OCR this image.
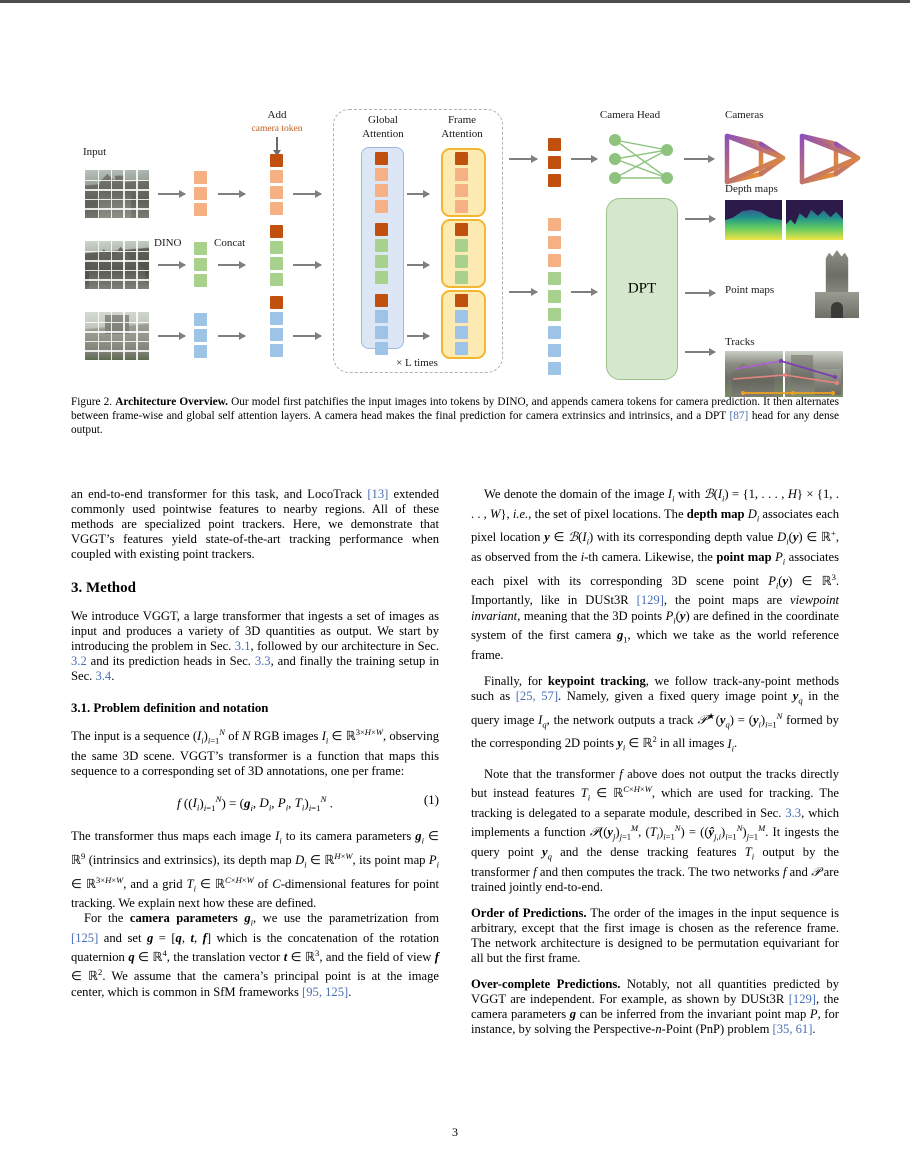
Input
DINO	Concat
Add
camera token
Global
Attention
Frame
Attention
× L times
Camera Head	Cameras
DPT
Depth maps
Point maps
Tracks
Figure 2. Architecture Overview. Our model first patchifies the input images into tokens by DINO, and appends camera tokens for camera prediction. It then alternates between frame-wise and global self attention layers. A camera head makes the final prediction for camera extrinsics and intrinsics, and a DPT [87] head for any dense output.

an end-to-end transformer for this task, and LocoTrack [13] extended commonly used pointwise features to nearby regions. All of these methods are specialized point trackers. Here, we demonstrate that VGGT’s features yield state-of-the-art tracking performance when coupled with existing point trackers.

3. Method

We introduce VGGT, a large transformer that ingests a set of images as input and produces a variety of 3D quantities as output. We start by introducing the problem in Sec. 3.1, followed by our architecture in Sec. 3.2 and its prediction heads in Sec. 3.3, and finally the training setup in Sec. 3.4.

3.1. Problem definition and notation

The input is a sequence $(I_i)_{i=1}^N$ of N RGB images $I_i$ ∈ ℝ$^{3\times H\times W}$, observing the same 3D scene. VGGT’s transformer is a function that maps this sequence to a corresponding set of 3D annotations, one per frame:

f $((I_i)_{i=1}^N) = (g_i$, $D_i$, $P_i$, $T_i)_{i=1}^N$ .	(1)

The transformer thus maps each image $I_i$ to its camera parameters $g_i$ ∈ ℝ$^9$ (intrinsics and extrinsics), its depth map $D_i$ ∈ ℝ$^{H\times W}$, its point map $P_i$ ∈ ℝ$^{3\times H\times W}$, and a grid $T_i$ ∈ ℝ$^{C\times H\times W}$ of C-dimensional features for point tracking. We explain next how these are defined.

For the camera parameters $g_i$, we use the parametrization from [125] and set g = [q, t, f] which is the concatenation of the rotation quaternion q ∈ ℝ$^4$, the translation vector t ∈ ℝ$^3$, and the field of view f ∈ ℝ$^2$. We assume that the camera’s principal point is at the image center, which is common in SfM frameworks [95, 125].

We denote the domain of the image $I_i$ with $ℬ(I_i) = \{1$, . . . , H} × {1, . . . , W}, i.e., the set of pixel locations. The depth map $D_i$ associates each pixel location y ∈ $ℬ(I_i)$ with its corresponding depth value $D_i(y)$ ∈ ℝ+, as observed from the i-th camera. Likewise, the point map $P_i$ associates each pixel with its corresponding 3D scene point $P_i(y)$ ∈ ℝ$^3$. Importantly, like in DUSt3R [129], the point maps are viewpoint invariant, meaning that the 3D points $P_i(y)$ are defined in the coordinate system of the first camera $g_1$, which we take as the world reference frame.

Finally, for keypoint tracking, we follow track-any-point methods such as [25, 57]. Namely, given a fixed query image point $y_q$ in the query image $I_q$, the network outputs a track $𝒫^★(y_q) = (y_i)_{i=1}^N$ formed by the corresponding 2D points $y_i$ ∈ ℝ$^2$ in all images $I_i$.

Note that the transformer f above does not output the tracks directly but instead features $T_i$ ∈ ℝ$^{C\times H\times W}$, which are used for tracking. The tracking is delegated to a separate module, described in Sec. 3.3, which implements a function $𝒫((y_j)_{j=1}^M$, $(T_i)_{i=1}^N$) = $((ŷ_{j,i})_{i=1}^N)_{j=1}^M$. It ingests the query point $y_q$ and the dense tracking features $T_i$ output by the transformer f and then computes the track. The two networks f and 𝒫 are trained jointly end-to-end.

Order of Predictions. The order of the images in the input sequence is arbitrary, except that the first image is chosen as the reference frame. The network architecture is designed to be permutation equivariant for all but the first frame.

Over-complete Predictions. Notably, not all quantities predicted by VGGT are independent. For example, as shown by DUSt3R [129], the camera parameters g can be inferred from the invariant point map P, for instance, by solving the Perspective-n-Point (PnP) problem [35, 61].

3
